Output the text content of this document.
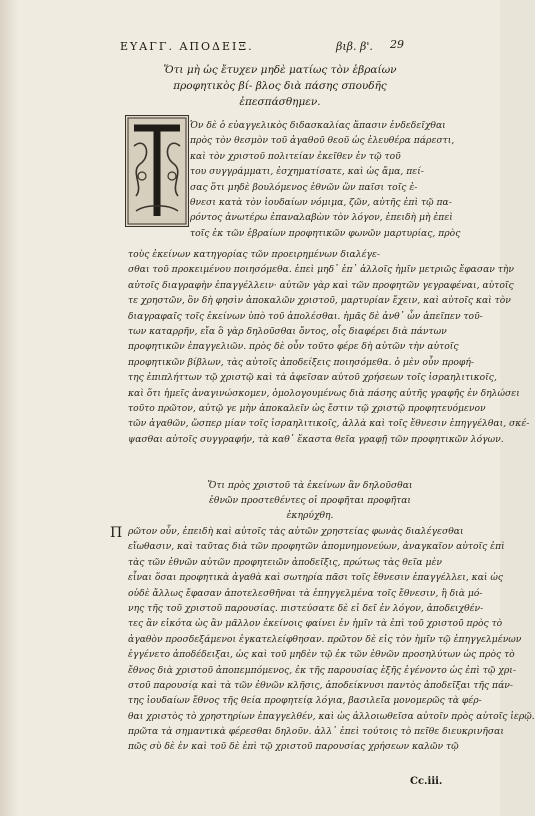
ΕΥΑΓΓ. ΑΠΟΔΕΙΞ.	βιβ. β'. 29
Ὅτι μὴ ὡς ἔτυχεν μηδὲ ματίως τὸν ἑβραίων προφητικὸς βί‑ βλος διὰ πάσης σπουδῆς ἐπεσπάσθημεν.
Ὁν δὲ ὁ εὐαγγελικὸς διδασκαλίας ἅπασιν ἐνδεδεῖχθαι
πρὸς τὸν θεσμὸν τοῦ ἀγαθοῦ θεοῦ ὡς ἐλευθέρα πάρεστι,
καὶ τὸν χριστοῦ πολιτείαν ἐκεῖθεν ἐν τῷ τοῦ
του συγγράμματι, ἐσχηματίσατε, καὶ ὡς ἄμα, πεί‑
σας ὅτι μηδὲ βουλόμενος ἐθνῶν ὢν παῖσι τοῖς ἐ‑
θνεσι κατὰ τὸν ἰουδαίων νόμιμα, ζῶν, αὐτῆς ἐπὶ τῷ πα‑
ρόντος ἀνωτέρω ἐπαναλαβὼν τὸν λόγον, ἐπειδὴ μὴ ἐπεὶ
τοῖς ἐκ τῶν ἑβραίων προφητικῶν φωνῶν μαρτυρίας, πρὸς
τοὺς ἐκείνων κατηγορίας τῶν προειρημένων διαλέγε‑
σθαι τοῦ προκειμένου ποιησόμεθα. ἐπεὶ μηδ᾽ ἐπ᾽ ἀλλοῖς ἡμῖν μετριῶς ἔφασαν τὴν
αὐτοῖς διαγραφὴν ἐπαγγέλλειν· αὐτῶν γὰρ καὶ τῶν προφητῶν γεγραφέναι, αὐτοῖς
τε χρηστῶν, ὃν δὴ φησὶν ἀποκαλῶν χριστοῦ, μαρτυρίαν ἔχειν, καὶ αὐτοῖς καὶ τὸν
διαγραφαῖς τοῖς ἐκείνων ὑπὸ τοῦ ἀπολέσθαι. ἡμᾶς δὲ ἀνθ᾽ ὧν ἀπεῖπεν τοῦ‑
των καταρρῆν, εἴα ὃ γὰρ δηλοῦσθαι ὄντος, οἷς διαφέρει διὰ πάντων
προφητικῶν ἐπαγγελιῶν. πρὸς δὲ οὖν τοῦτο φέρε δὴ αὐτῶν τὴν αὐτοῖς
προφητικῶν βίβλων, τὰς αὐτοῖς ἀποδείξεις ποιησόμεθα. ὁ μὲν οὖν προφή‑
της ἐπιπλήττων τῷ χριστῷ καὶ τὰ ἀφεῖσαν αὐτοῦ χρήσεων τοῖς ἰσραηλιτικοῖς,
καὶ ὅτι ἡμεῖς ἀναγινώσκομεν, ὁμολογουμένως διὰ πάσης αὐτῆς γραφῆς ἐν δηλώσει
τοῦτο πρῶτον, αὐτῷ γε μὴν ἀποκαλεῖν ὡς ἔστιν τῷ χριστῷ προφητευόμενον
τῶν ἀγαθῶν, ὥσπερ μίαν τοῖς ἰσραηλιτικοῖς, ἀλλὰ καὶ τοῖς ἔθνεσιν ἐπηγγέλθαι, σκέ‑
ψασθαι αὐτοῖς συγγραφήν, τὰ καθ᾽ ἕκαστα θεῖα γραφῇ τῶν προφητικῶν λόγων.
Ὅτι πρὸς χριστοῦ τὰ ἐκείνων ἂν δηλοῦσθαι ἐθνῶν προστεθέντες οἱ προφῆται προφῆται ἐκηρύχθη.
Π ρῶτον οὖν, ἐπειδὴ καὶ αὐτοῖς τὰς αὐτῶν χρηστείας φωνὰς διαλέγεσθαι
εἴωθασιν, καὶ ταῦτας διὰ τῶν προφητῶν ἀπομνημονεύων, ἀναγκαῖον αὐτοῖς ἐπὶ
τὰς τῶν ἐθνῶν αὐτῶν προφητειῶν ἀποδεῖξις, πρώτως τὰς θεῖα μὲν
εἶναι ὅσαι προφητικὰ ἀγαθὰ καὶ σωτηρία πᾶσι τοῖς ἔθνεσιν ἐπαγγέλλει, καὶ ὡς
οὐδὲ ἄλλως ἔφασαν ἀποτελεσθῆναι τὰ ἐπηγγελμένα τοῖς ἔθνεσιν, ἢ διὰ μό‑
νης τῆς τοῦ χριστοῦ παρουσίας. πιστεύσατε δὲ εἰ δεῖ ἐν λόγον, ἀποδειχθέν‑
τες ἂν εἰκότα ὡς ἂν μᾶλλον ἐκείνοις φαίνει ἐν ἡμῖν τὰ ἐπὶ τοῦ χριστοῦ πρὸς τὸ
ἀγαθὸν προσδεξάμενοι ἐγκατελείφθησαν. πρῶτον δὲ εἰς τὸν ἡμῖν τῷ ἐπηγγελμένων
ἐγγένετο ἀποδέδειξαι, ὡς καὶ τοῦ μηδὲν τῷ ἐκ τῶν ἐθνῶν προσηλύτων ὡς πρὸς τὸ
ἔθνος διὰ χριστοῦ ἀποπεμπόμενος, ἐκ τῆς παρουσίας ἑξῆς ἐγένοντο ὡς ἐπὶ τῷ χρι‑
στοῦ παρουσίᾳ καὶ τὰ τῶν ἐθνῶν κλῆσις, ἀποδείκνυσι παντὸς ἀποδεῖξαι τῆς πάν‑
της ἰουδαίων ἔθνος τῆς θεία προφητείᾳ λόγια, βασιλεῖα μονομερῶς τὰ φέρ‑
θαι χριστὸς τὸ χρηστηρίων ἐπαγγελθέν, καὶ ὡς ἀλλοιωθεῖσα αὐτοῖν πρὸς αὐτοῖς ἱερῷ.
πρῶτα τὰ σημαντικὰ φέρεσθαι δηλοῦν. ἀλλ᾽ ἐπεὶ τούτοις τὸ πεῖθε διευκρινῆσαι
πῶς σὺ δὲ ἐν καὶ τοῦ δὲ ἐπὶ τῷ χριστοῦ παρουσίας χρήσεων καλῶν τῷ
Cc.iii.
